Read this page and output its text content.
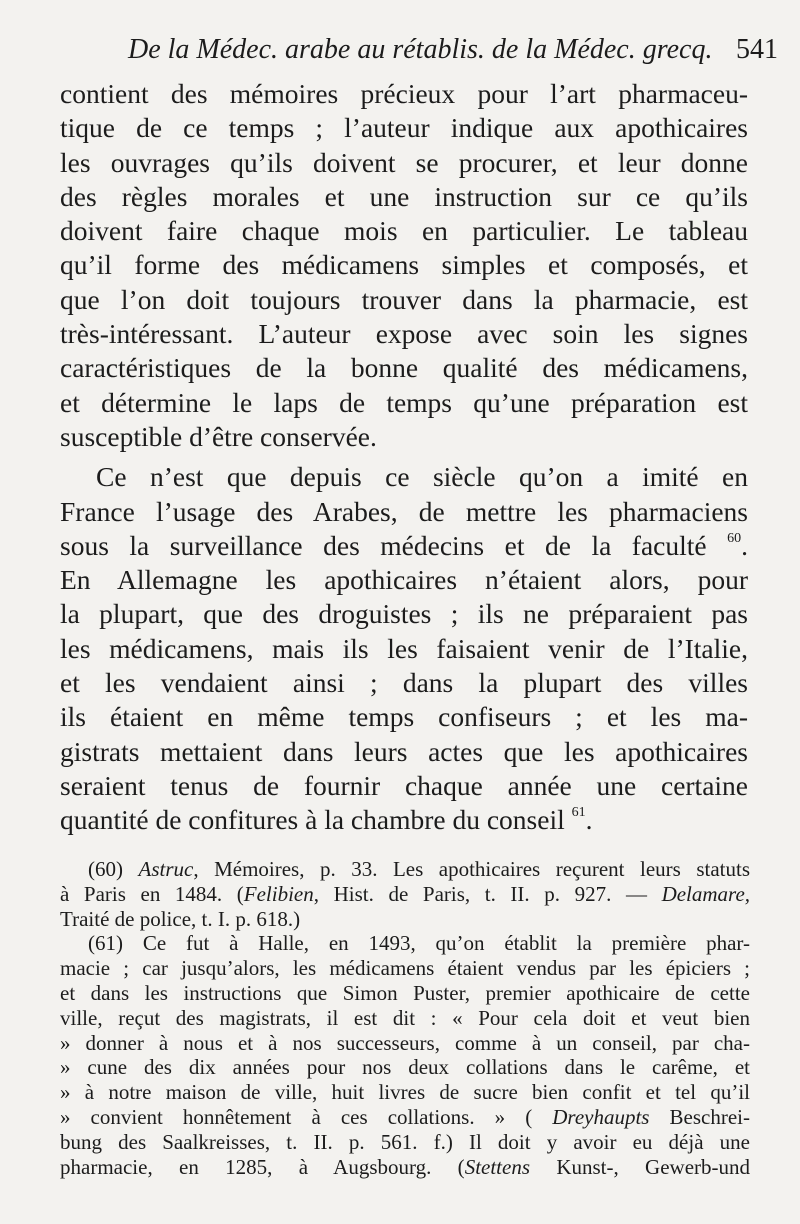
De la Médec. arabe au rétablis. de la Médec. grecq. 541

contient des mémoires précieux pour l’art pharmaceu-
tique de ce temps ; l’auteur indique aux apothicaires
les ouvrages qu’ils doivent se procurer, et leur donne
des règles morales et une instruction sur ce qu’ils
doivent faire chaque mois en particulier. Le tableau
qu’il forme des médicamens simples et composés, et
que l’on doit toujours trouver dans la pharmacie, est
très-intéressant. L’auteur expose avec soin les signes
caractéristiques de la bonne qualité des médicamens,
et détermine le laps de temps qu’une préparation est
susceptible d’être conservée.

Ce n’est que depuis ce siècle qu’on a imité en
France l’usage des Arabes, de mettre les pharmaciens
sous la surveillance des médecins et de la faculté $^{60}$.
En Allemagne les apothicaires n’étaient alors, pour
la plupart, que des droguistes ; ils ne préparaient pas
les médicamens, mais ils les faisaient venir de l’Italie,
et les vendaient ainsi ; dans la plupart des villes
ils étaient en même temps confiseurs ; et les ma-
gistrats mettaient dans leurs actes que les apothicaires
seraient tenus de fournir chaque année une certaine
quantité de confitures à la chambre du conseil $^{61}$.

(60) Astruc, Mémoires, p. 33. Les apothicaires reçurent leurs statuts
à Paris en 1484. (Felibien, Hist. de Paris, t. II. p. 927. — Delamare,
Traité de police, t. I. p. 618.)
(61) Ce fut à Halle, en 1493, qu’on établit la première phar-
macie ; car jusqu’alors, les médicamens étaient vendus par les épiciers ;
et dans les instructions que Simon Puster, premier apothicaire de cette
ville, reçut des magistrats, il est dit : « Pour cela doit et veut bien
» donner à nous et à nos successeurs, comme à un conseil, par cha-
» cune des dix années pour nos deux collations dans le carême, et
» à notre maison de ville, huit livres de sucre bien confit et tel qu’il
» convient honnêtement à ces collations. » ( Dreyhaupts Beschrei-
bung des Saalkreisses, t. II. p. 561. f.) Il doit y avoir eu déjà une
pharmacie, en 1285, à Augsbourg. (Stettens Kunst-, Gewerb-und
